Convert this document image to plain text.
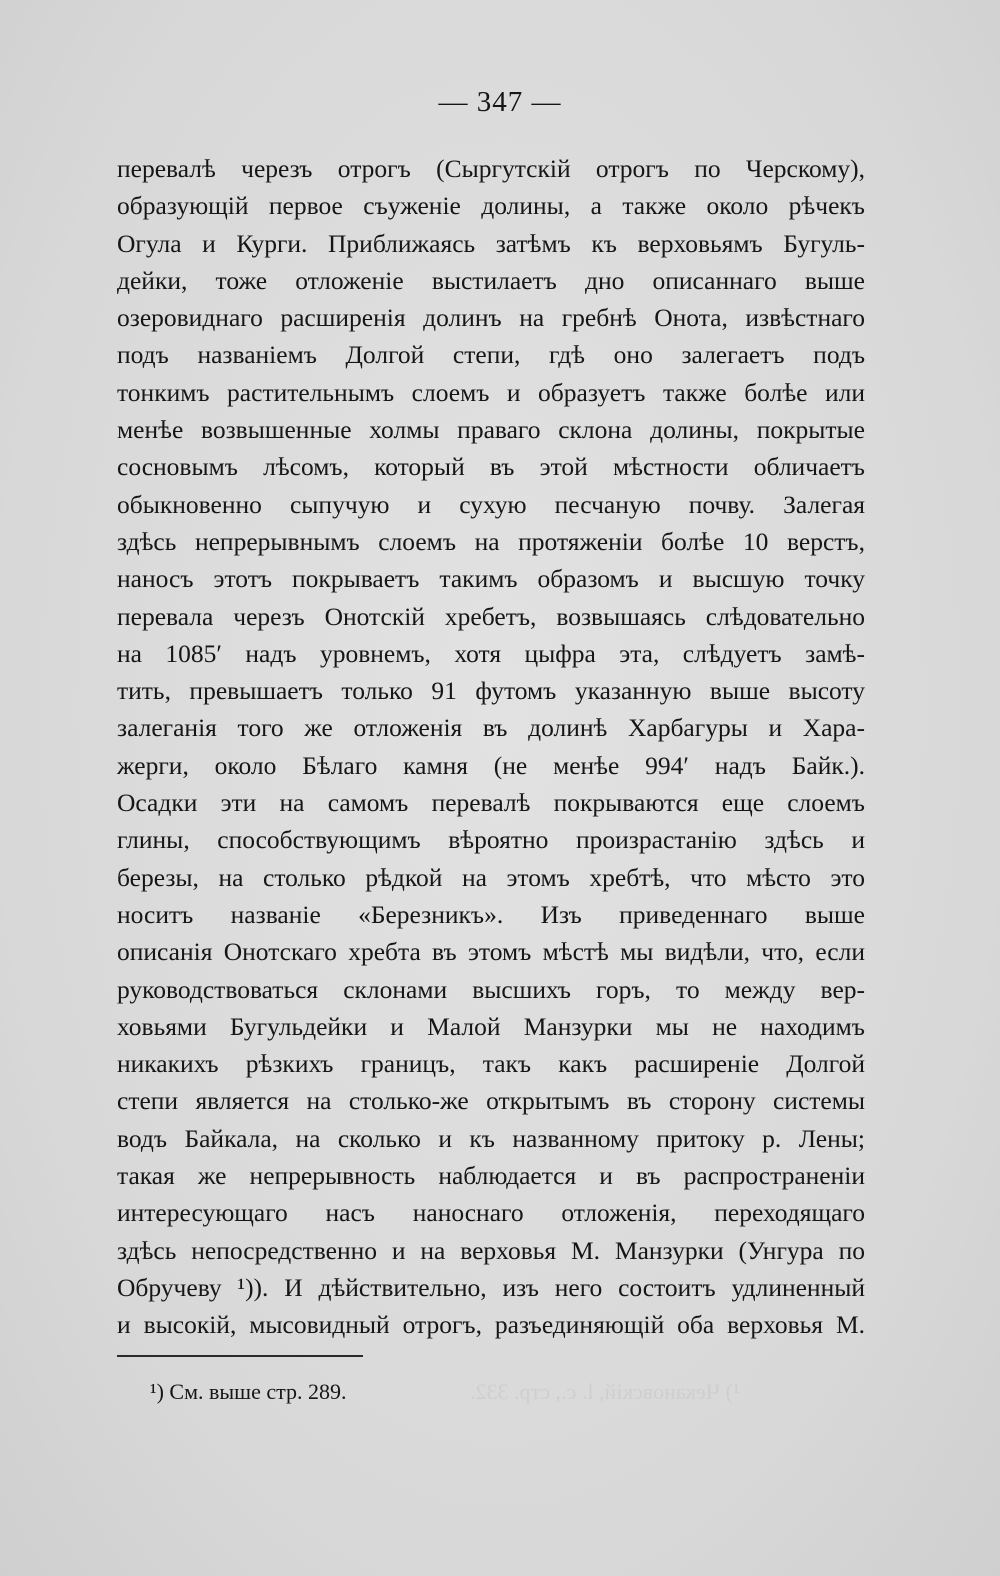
— 347 —
перевалѣ черезъ отрогъ (Сыргутскій отрогъ по Черскому),
образующій первое съуженіе долины, а также около рѣчекъ
Огула и Курги. Приближаясь затѣмъ къ верховьямъ Бугуль-
дейки, тоже отложеніе выстилаетъ дно описаннаго выше
озеровиднаго расширенія долинъ на гребнѣ Онота, извѣстнаго
подъ названіемъ Долгой степи, гдѣ оно залегаетъ подъ
тонкимъ растительнымъ слоемъ и образуетъ также болѣе или
менѣе возвышенные холмы праваго склона долины, покрытые
сосновымъ лѣсомъ, который въ этой мѣстности обличаетъ
обыкновенно сыпучую и сухую песчаную почву. Залегая
здѣсь непрерывнымъ слоемъ на протяженіи болѣе 10 верстъ,
наносъ этотъ покрываетъ такимъ образомъ и высшую точку
перевала черезъ Онотскій хребетъ, возвышаясь слѣдовательно
на 1085′ надъ уровнемъ, хотя цыфра эта, слѣдуетъ замѣ-
тить, превышаетъ только 91 футомъ указанную выше высоту
залеганія того же отложенія въ долинѣ Харбагуры и Хара-
жерги, около Бѣлаго камня (не менѣе 994′ надъ Байк.).
Осадки эти на самомъ перевалѣ покрываются еще слоемъ
глины, способствующимъ вѣроятно произрастанію здѣсь и
березы, на столько рѣдкой на этомъ хребтѣ, что мѣсто это
носитъ названіе «Березникъ». Изъ приведеннаго выше
описанія Онотскаго хребта въ этомъ мѣстѣ мы видѣли, что, если
руководствоваться склонами высшихъ горъ, то между вер-
ховьями Бугульдейки и Малой Манзурки мы не находимъ
никакихъ рѣзкихъ границъ, такъ какъ расширеніе Долгой
степи является на столько-же открытымъ въ сторону системы
водъ Байкала, на сколько и къ названному притоку р. Лены;
такая же непрерывность наблюдается и въ распространеніи
интересующаго насъ наноснаго отложенія, переходящаго
здѣсь непосредственно и на верховья М. Манзурки (Унгура по
Обручеву ¹)). И дѣйствительно, изъ него состоитъ удлиненный
и высокій, мысовидный отрогъ, разъединяющій оба верховья М.
¹) См. выше стр. 289.	¹) Чекановскій, l. c., стр. 332.
